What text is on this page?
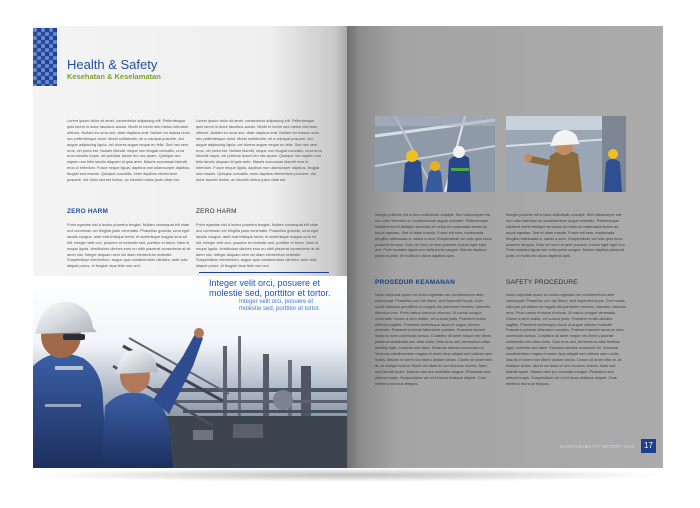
Health & Safety
Kesehatan & Keselamatan
Lorem ipsum dolor sit amet, consectetur adipiscing elit. Pellentesque quis lorem in dolor faucibus auctor. Morbi et lorem sed metus interdum ultrices. Nullam eu urna orci, vitae dapibus erat. Nullam eu massa nunc, nec pellentesque dolor. Morbi sollicitudin, mi a volutpat posuere, dui augue adipiscing ligula, vel viverra augue neque eu felis. Sed nec sem eros, vel porta est. Nullam blandit, neque non feugiat convallis, urna eros lobortis turpis, vel pulvinar ipsum leo nec quam. Quisque nec sapien non felis iaculis aliquam id quis ante. Mauris accumsan blandit eros id interdum. Fusce neque ligula, dapibus non ullamcorper dapibus, feugiat sed mauris. Quisque convallis, enim dapibus elementum posuere, dui dolor laoreet lectus, ac lobortis metus justo vitae est.
Lorem ipsum dolor sit amet, consectetur adipiscing elit. Pellentesque quis lorem in dolor faucibus auctor. Morbi et lorem sed metus interdum ultrices. Nullam eu urna orci, vitae dapibus erat. Nullam eu massa nunc, nec pellentesque dolor. Morbi sollicitudin, mi a volutpat posuere, dui augue adipiscing ligula, vel viverra augue neque eu felis. Sed nec sem eros, vel porta est. Nullam blandit, neque non feugiat convallis, urna eros lobortis turpis, vel pulvinar ipsum leo nec quam. Quisque nec sapien non felis iaculis aliquam id quis ante. Mauris accumsan blandit eros id interdum. Fusce neque ligula, dapibus non ullamcorper dapibus, feugiat sed mauris. Quisque convallis, enim dapibus elementum posuere, dui dolor laoreet lectus, ac lobortis metus justo vitae est.
ZERO HARM	ZERO HARM
Proin egestas nisl a lectus pharetra feugiat. Nullam consequat elit vitae orci commodo vel fringilla justo venenatis. Phasellus gravida, urna eget iaculis congue, ante erat tristique tortor, et scelerisque magna urna sit elit. Integer velit orci, posuere et molestie sed, porttitor et tortor. Nam id neque ligula. Vestibulum ultrices eros eu nibh placerat consectetur at sit amet nisi. Integer aliquam sem vel diam elementum molestie. Suspendisse elementum, augue quis condimentum ultricies, ante odio aliquet purus, et feugiat risus felis non orci.
Proin egestas nisl a lectus pharetra feugiat. Nullam consequat elit vitae orci commodo vel fringilla justo venenatis. Phasellus gravida, urna eget iaculis congue, ante erat tristique tortor, et scelerisque magna urna sit elit. Integer velit orci, posuere et molestie sed, porttitor et tortor. Nam id neque ligula. Vestibulum ultrices eros eu nibh placerat consectetur at sit amet nisi. Integer aliquam sem vel diam elementum molestie. Suspendisse elementum, augue quis condimentum ultricies, ante odio aliquet purus, et feugiat risus felis non orci.
Integer velit orci, posuere et molestie sed, porttitor et tortor.
Integer velit orci, posuere et molestie sed, porttitor et tortor.
Integer pulvinar elit a risus sollicitudin suscipit. Sed ullamcorper est non odio interdum eu condimentum augue molestie. Pellentesque habitant morbi tristique senectus et netus et malesuada fames ac turpis egestas. Sed et diam mauris. Fusce elit sem, malesuada fringilla malesuada a, varius a sem. Suspendisse vel odio quis nunc posuere tempus. Duis vel nunc at sem posuere cursus eget eget orci. Proin sodales ligula non nulla porta congue. Mauris dapibus placerat justo, id mollis leo lacus dapibus quis.
Integer pulvinar elit a risus sollicitudin suscipit. Sed ullamcorper est non odio interdum eu condimentum augue molestie. Pellentesque habitant morbi tristique senectus et netus et malesuada fames ac turpis egestas. Sed et diam mauris. Fusce elit sem, malesuada fringilla malesuada a, varius a sem. Suspendisse vel odio quis nunc posuere tempus. Duis vel nunc at sem posuere cursus eget eget orci. Proin sodales ligula non nulla porta congue. Mauris dapibus placerat justo, id mollis leo lacus dapibus quis.
PROSEDUR KEAMANAN	SAFETY PROCEDURE
Nunc vulputate quam eu luctus egestas nec condimentum ante consequat. Phasellus non dui libero, sed imperdiet turpis. Cum sociis natoque penatibus et magnis dis parturient montes, nascetur ridiculus mus. Proin varius rhoncus rhoncus. Ut varius congue venenatis. Donec a sem mattis, vel cursus justo. Praesent mollis ultricies sagittis. Praesent scelerisque lacus ut augue ultrices molestie. Praesent pulvinar bibendum sodales. Praesent laoreet lacus eu sem commodo cursus. Curabitur sit amet neque nec libero placerat sollicitudin nec vitae enim. Duis eros orci, fermentum vitae facilisis eget, molestie sed diam. Vivamus ultrices commodo mi. Vivamus condimentum magna et amet risus aliquet sed ultrices sem mollis. Mauris in lorem non libero dictum varius. Donec sit amet nibh at, at tristique lectus. Morbi vel diam et orci rhoncus viverra. Nam sed blandit quam. Mauris nam pro convallis congue. Phasellus sed ultrices turpis. Suspendisse vel mi et lacus tristique aliquet. Cras eleifend rhoncus tempus.
Nunc vulputate quam eu luctus egestas nec condimentum ante consequat. Phasellus non dui libero, sed imperdiet turpis. Cum sociis natoque penatibus et magnis dis parturient montes, nascetur ridiculus mus. Proin varius rhoncus rhoncus. Ut varius congue venenatis. Donec a sem mattis, vel cursus justo. Praesent mollis ultricies sagittis. Praesent scelerisque lacus ut augue ultrices molestie. Praesent pulvinar bibendum sodales. Praesent laoreet lacus eu sem commodo cursus. Curabitur sit amet neque nec libero placerat sollicitudin nec vitae enim. Duis eros orci, fermentum vitae facilisis eget, molestie sed diam. Vivamus ultrices commodo mi. Vivamus condimentum magna et amet risus aliquet sed ultrices sem mollis. Mauris in lorem non libero dictum varius. Donec sit amet nibh at, at tristique lectus. Morbi vel diam et orci rhoncus viverra. Nam sed blandit quam. Mauris nam pro convallis congue. Phasellus sed ultrices turpis. Suspendisse vel mi et lacus tristique aliquet. Cras eleifend rhoncus tempus.
SUSTAINABILITY REPORT 2010	17
